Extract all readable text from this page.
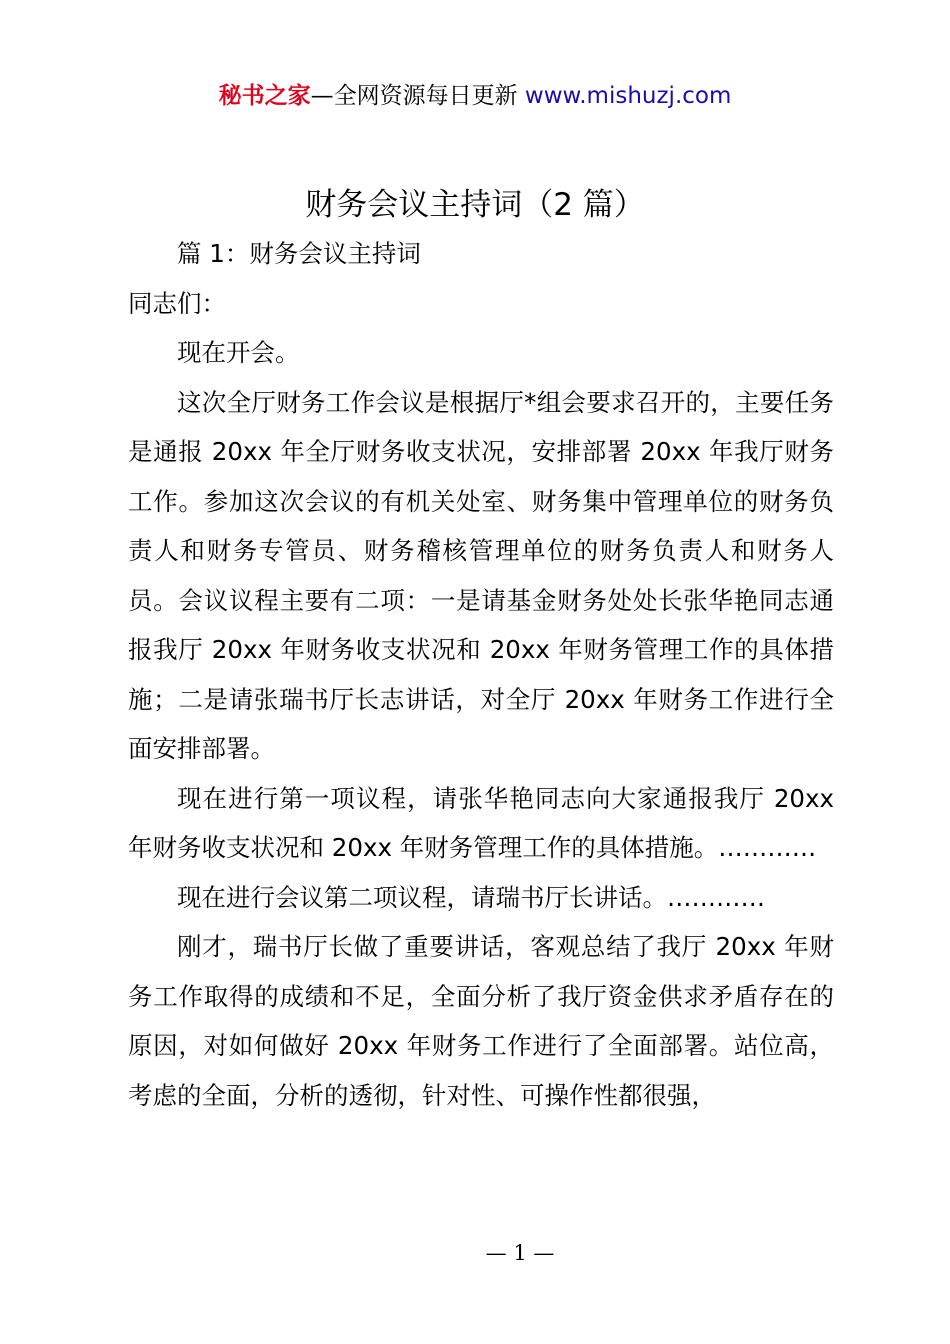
秘书之家—全网资源每日更新 www.mishuzj.com
财务会议主持词（2 篇）

篇 1：财务会议主持词

同志们：

现在开会。

这次全厅财务工作会议是根据厅*组会要求召开的，主要任务是通报 20xx 年全厅财务收支状况，安排部署 20xx 年我厅财务工作。参加这次会议的有机关处室、财务集中管理单位的财务负责人和财务专管员、财务稽核管理单位的财务负责人和财务人员。会议议程主要有二项：一是请基金财务处处长张华艳同志通报我厅 20xx 年财务收支状况和 20xx 年财务管理工作的具体措施；二是请张瑞书厅长志讲话，对全厅 20xx 年财务工作进行全面安排部署。

现在进行第一项议程，请张华艳同志向大家通报我厅 20xx 年财务收支状况和 20xx 年财务管理工作的具体措施。…………

现在进行会议第二项议程，请瑞书厅长讲话。…………

刚才，瑞书厅长做了重要讲话，客观总结了我厅 20xx 年财务工作取得的成绩和不足，全面分析了我厅资金供求矛盾存在的原因，对如何做好 20xx 年财务工作进行了全面部署。站位高，考虑的全面，分析的透彻，针对性、可操作性都很强，

— 1 —
